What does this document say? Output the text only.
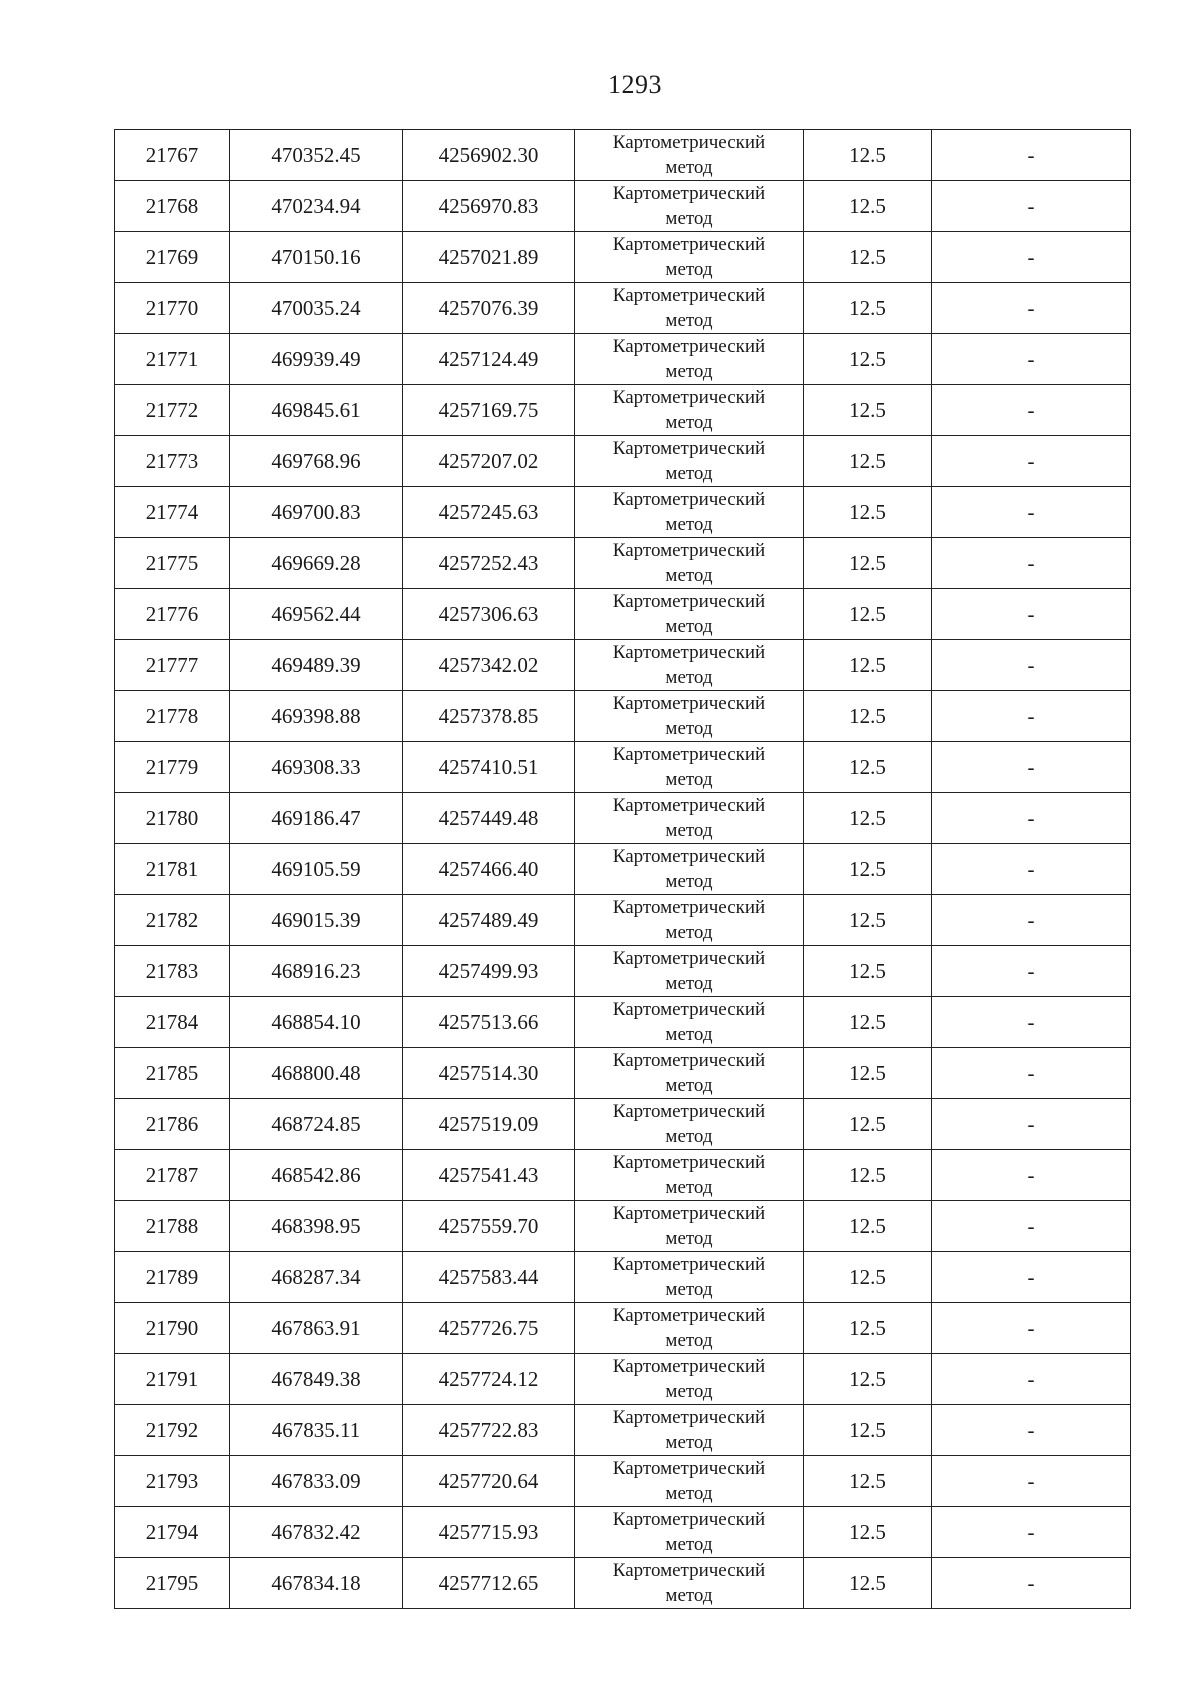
1293
21767	470352.45	4256902.30	Картометрический
метод	12.5	-
21768	470234.94	4256970.83	Картометрический
метод	12.5	-
21769	470150.16	4257021.89	Картометрический
метод	12.5	-
21770	470035.24	4257076.39	Картометрический
метод	12.5	-
21771	469939.49	4257124.49	Картометрический
метод	12.5	-
21772	469845.61	4257169.75	Картометрический
метод	12.5	-
21773	469768.96	4257207.02	Картометрический
метод	12.5	-
21774	469700.83	4257245.63	Картометрический
метод	12.5	-
21775	469669.28	4257252.43	Картометрический
метод	12.5	-
21776	469562.44	4257306.63	Картометрический
метод	12.5	-
21777	469489.39	4257342.02	Картометрический
метод	12.5	-
21778	469398.88	4257378.85	Картометрический
метод	12.5	-
21779	469308.33	4257410.51	Картометрический
метод	12.5	-
21780	469186.47	4257449.48	Картометрический
метод	12.5	-
21781	469105.59	4257466.40	Картометрический
метод	12.5	-
21782	469015.39	4257489.49	Картометрический
метод	12.5	-
21783	468916.23	4257499.93	Картометрический
метод	12.5	-
21784	468854.10	4257513.66	Картометрический
метод	12.5	-
21785	468800.48	4257514.30	Картометрический
метод	12.5	-
21786	468724.85	4257519.09	Картометрический
метод	12.5	-
21787	468542.86	4257541.43	Картометрический
метод	12.5	-
21788	468398.95	4257559.70	Картометрический
метод	12.5	-
21789	468287.34	4257583.44	Картометрический
метод	12.5	-
21790	467863.91	4257726.75	Картометрический
метод	12.5	-
21791	467849.38	4257724.12	Картометрический
метод	12.5	-
21792	467835.11	4257722.83	Картометрический
метод	12.5	-
21793	467833.09	4257720.64	Картометрический
метод	12.5	-
21794	467832.42	4257715.93	Картометрический
метод	12.5	-
21795	467834.18	4257712.65	Картометрический
метод	12.5	-
